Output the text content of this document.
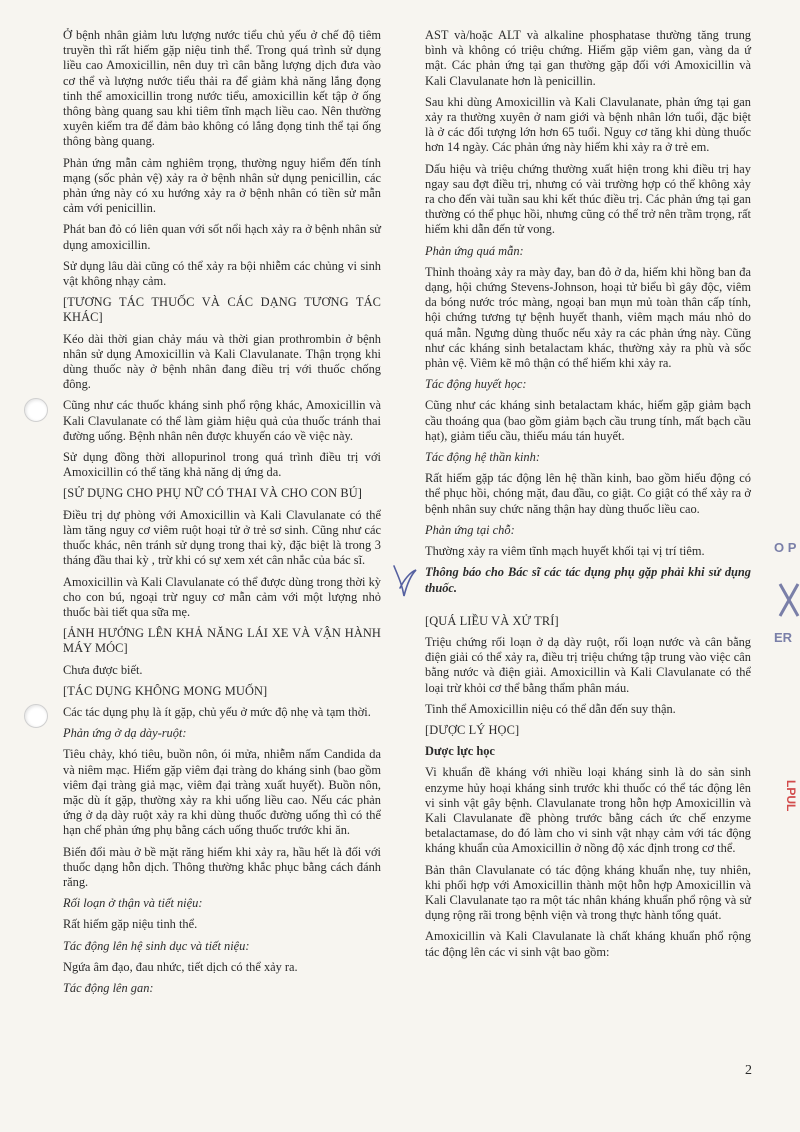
Ở bệnh nhân giảm lưu lượng nước tiểu chủ yếu ở chế độ tiêm truyền thì rất hiếm gặp niệu tinh thể. Trong quá trình sử dụng liều cao Amoxicillin, nên duy trì cân bằng lượng dịch đưa vào cơ thể và lượng nước tiểu thải ra để giảm khả năng lắng đọng tinh thể amoxicillin trong nước tiểu, amoxicillin kết tập ở ống thông bàng quang sau khi tiêm tĩnh mạch liều cao. Nên thường xuyên kiểm tra để đảm bảo không có lắng đọng tinh thể tại ống thông bàng quang.

Phản ứng mẫn cảm nghiêm trọng, thường nguy hiểm đến tính mạng (sốc phản vệ) xảy ra ở bệnh nhân sử dụng penicillin, các phản ứng này có xu hướng xảy ra ở bệnh nhân có tiền sử mẫn cảm với penicillin.

Phát ban đỏ có liên quan với sốt nổi hạch xảy ra ở bệnh nhân sử dụng amoxicillin.

Sử dụng lâu dài cũng có thể xảy ra bội nhiễm các chủng vi sinh vật không nhạy cảm.

[TƯƠNG TÁC THUỐC VÀ CÁC DẠNG TƯƠNG TÁC KHÁC]

Kéo dài thời gian chảy máu và thời gian prothrombin ở bệnh nhân sử dụng Amoxicillin và Kali Clavulanate. Thận trọng khi dùng thuốc này ở bệnh nhân đang điều trị với thuốc chống đông.

Cũng như các thuốc kháng sinh phổ rộng khác, Amoxicillin và Kali Clavulanate có thể làm giảm hiệu quả của thuốc tránh thai đường uống. Bệnh nhân nên được khuyến cáo về việc này.

Sử dụng đồng thời allopurinol trong quá trình điều trị với Amoxicillin có thể tăng khả năng dị ứng da.

[SỬ DỤNG CHO PHỤ NỮ CÓ THAI VÀ CHO CON BÚ]

Điều trị dự phòng với Amoxicillin và Kali Clavulanate có thể làm tăng nguy cơ viêm ruột hoại tử ở trẻ sơ sinh. Cũng như các thuốc khác, nên tránh sử dụng trong thai kỳ, đặc biệt là trong 3 tháng đầu thai kỳ , trừ khi có sự xem xét cân nhắc của bác sĩ.

Amoxicillin và Kali Clavulanate có thể được dùng trong thời kỳ cho con bú, ngoại trừ nguy cơ mẫn cảm với một lượng nhỏ thuốc bài tiết qua sữa mẹ.

[ẢNH HƯỞNG LÊN KHẢ NĂNG LÁI XE VÀ VẬN HÀNH MÁY MÓC]

Chưa được biết.

[TÁC DỤNG KHÔNG MONG MUỐN]

Các tác dụng phụ là ít gặp, chủ yếu ở mức độ nhẹ và tạm thời.

Phản ứng ở dạ dày-ruột:

Tiêu chảy, khó tiêu, buồn nôn, ói mửa, nhiễm nấm Candida da và niêm mạc. Hiếm gặp viêm đại tràng do kháng sinh (bao gồm viêm đại tràng giả mạc, viêm đại tràng xuất huyết). Buồn nôn, mặc dù ít gặp, thường xảy ra khi uống liều cao. Nếu các phản ứng ở dạ dày ruột xảy ra khi dùng thuốc đường uống thì có thể hạn chế phản ứng phụ bằng cách uống thuốc trước khi ăn.

Biến đổi màu ở bề mặt răng hiếm khi xảy ra, hầu hết là đối với thuốc dạng hỗn dịch. Thông thường khắc phục bằng cách đánh răng.

Rối loạn ở thận và tiết niệu:

Rất hiếm gặp niệu tinh thể.

Tác động lên hệ sinh dục và tiết niệu:

Ngứa âm đạo, đau nhức, tiết dịch có thể xảy ra.

Tác động lên gan:

AST và/hoặc ALT và alkaline phosphatase thường tăng trung bình và không có triệu chứng. Hiếm gặp viêm gan, vàng da ứ mật. Các phản ứng tại gan thường gặp đối với Amoxicillin và Kali Clavulanate hơn là penicillin.

Sau khi dùng Amoxicillin và Kali Clavulanate, phản ứng tại gan xảy ra thường xuyên ở nam giới và bệnh nhân lớn tuổi, đặc biệt là ở các đối tượng lớn hơn 65 tuổi. Nguy cơ tăng khi dùng thuốc hơn 14 ngày. Các phản ứng này hiếm khi xảy ra ở trẻ em.

Dấu hiệu và triệu chứng thường xuất hiện trong khi điều trị hay ngay sau đợt điều trị, nhưng có vài trường hợp có thể không xảy ra cho đến vài tuần sau khi kết thúc điều trị. Các phản ứng tại gan thường có thể phục hồi, nhưng cũng có thể trở nên trầm trọng, rất hiếm khi dẫn đến tử vong.

Phản ứng quá mẫn:

Thỉnh thoảng xảy ra mày đay, ban đỏ ở da, hiếm khi hồng ban đa dạng, hội chứng Stevens-Johnson, hoại tử biểu bì gây độc, viêm da bóng nước tróc màng, ngoại ban mụn mủ toàn thân cấp tính, hội chứng tương tự bệnh huyết thanh, viêm mạch máu nhỏ do quá mẫn. Ngưng dùng thuốc nếu xảy ra các phản ứng này. Cũng như các kháng sinh betalactam khác, thường xảy ra phù và sốc phản vệ. Viêm kẽ mô thận có thể hiếm khi xảy ra.

Tác động huyết học:

Cũng như các kháng sinh betalactam khác, hiếm gặp giảm bạch cầu thoáng qua (bao gồm giảm bạch cầu trung tính, mất bạch cầu hạt), giảm tiểu cầu, thiếu máu tán huyết.

Tác động hệ thần kinh:

Rất hiếm gặp tác động lên hệ thần kinh, bao gồm hiếu động có thể phục hồi, chóng mặt, đau đầu, co giật. Co giật có thể xảy ra ở bệnh nhân suy chức năng thận hay dùng thuốc liều cao.

Phản ứng tại chỗ:

Thường xảy ra viêm tĩnh mạch huyết khối tại vị trí tiêm.

Thông báo cho Bác sĩ các tác dụng phụ gặp phải khi sử dụng thuốc.

[QUÁ LIỀU VÀ XỬ TRÍ]

Triệu chứng rối loạn ở dạ dày ruột, rối loạn nước và cân bằng điện giải có thể xảy ra, điều trị triệu chứng tập trung vào việc cân bằng nước và điện giải. Amoxicillin và Kali Clavulanate có thể loại trừ khỏi cơ thể bằng thẩm phân máu.

Tinh thể Amoxicillin niệu có thể dẫn đến suy thận.

[DƯỢC LÝ HỌC]

Dược lực học

Vi khuẩn đề kháng với nhiều loại kháng sinh là do sản sinh enzyme hủy hoại kháng sinh trước khi thuốc có thể tác động lên vi sinh vật gây bệnh. Clavulanate trong hỗn hợp Amoxicillin và Kali Clavulanate đề phòng trước bằng cách ức chế enzyme betalactamase, do đó làm cho vi sinh vật nhạy cảm với tác động kháng khuẩn của Amoxicillin ở nồng độ xác định trong cơ thể.

Bản thân Clavulanate có tác động kháng khuẩn nhẹ, tuy nhiên, khi phối hợp với Amoxicillin thành một hỗn hợp Amoxicillin và Kali Clavulanate tạo ra một tác nhân kháng khuẩn phổ rộng và sử dụng rộng rãi trong bệnh viện và trong thực hành tổng quát.

Amoxicillin và Kali Clavulanate là chất kháng khuẩn phổ rộng tác động lên các vi sinh vật bao gồm:

O P
ER
LPUL
2
